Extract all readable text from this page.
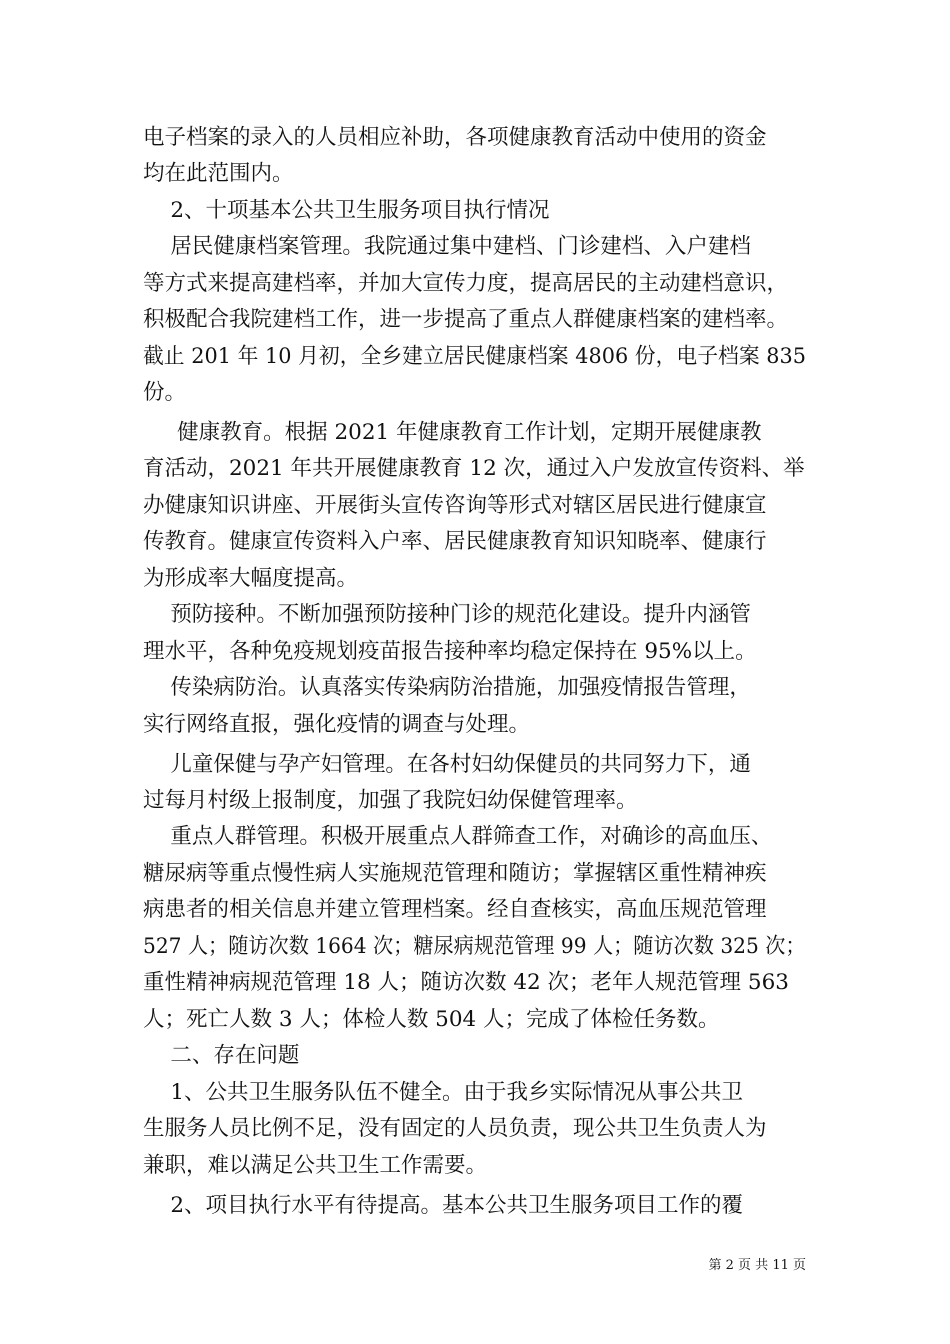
电子档案的录入的人员相应补助，各项健康教育活动中使用的资金

均在此范围内。

2、十项基本公共卫生服务项目执行情况

居民健康档案管理。我院通过集中建档、门诊建档、入户建档

等方式来提高建档率，并加大宣传力度，提高居民的主动建档意识，

积极配合我院建档工作，进一步提高了重点人群健康档案的建档率。

截止 201 年 10 月初，全乡建立居民健康档案 4806 份，电子档案 835

份。

健康教育。根据 2021 年健康教育工作计划，定期开展健康教

育活动，2021 年共开展健康教育 12 次，通过入户发放宣传资料、举

办健康知识讲座、开展街头宣传咨询等形式对辖区居民进行健康宣

传教育。健康宣传资料入户率、居民健康教育知识知晓率、健康行

为形成率大幅度提高。

预防接种。不断加强预防接种门诊的规范化建设。提升内涵管

理水平，各种免疫规划疫苗报告接种率均稳定保持在 95%以上。

传染病防治。认真落实传染病防治措施，加强疫情报告管理，

实行网络直报，强化疫情的调查与处理。

儿童保健与孕产妇管理。在各村妇幼保健员的共同努力下，通

过每月村级上报制度，加强了我院妇幼保健管理率。

重点人群管理。积极开展重点人群筛查工作，对确诊的高血压、

糖尿病等重点慢性病人实施规范管理和随访；掌握辖区重性精神疾

病患者的相关信息并建立管理档案。经自查核实，高血压规范管理

527 人；随访次数 1664 次；糖尿病规范管理 99 人；随访次数 325 次；

重性精神病规范管理 18 人；随访次数 42 次；老年人规范管理 563

人；死亡人数 3 人；体检人数 504 人；完成了体检任务数。

二、存在问题

1、公共卫生服务队伍不健全。由于我乡实际情况从事公共卫

生服务人员比例不足，没有固定的人员负责，现公共卫生负责人为

兼职，难以满足公共卫生工作需要。

2、项目执行水平有待提高。基本公共卫生服务项目工作的覆

第 2 页 共 11 页
